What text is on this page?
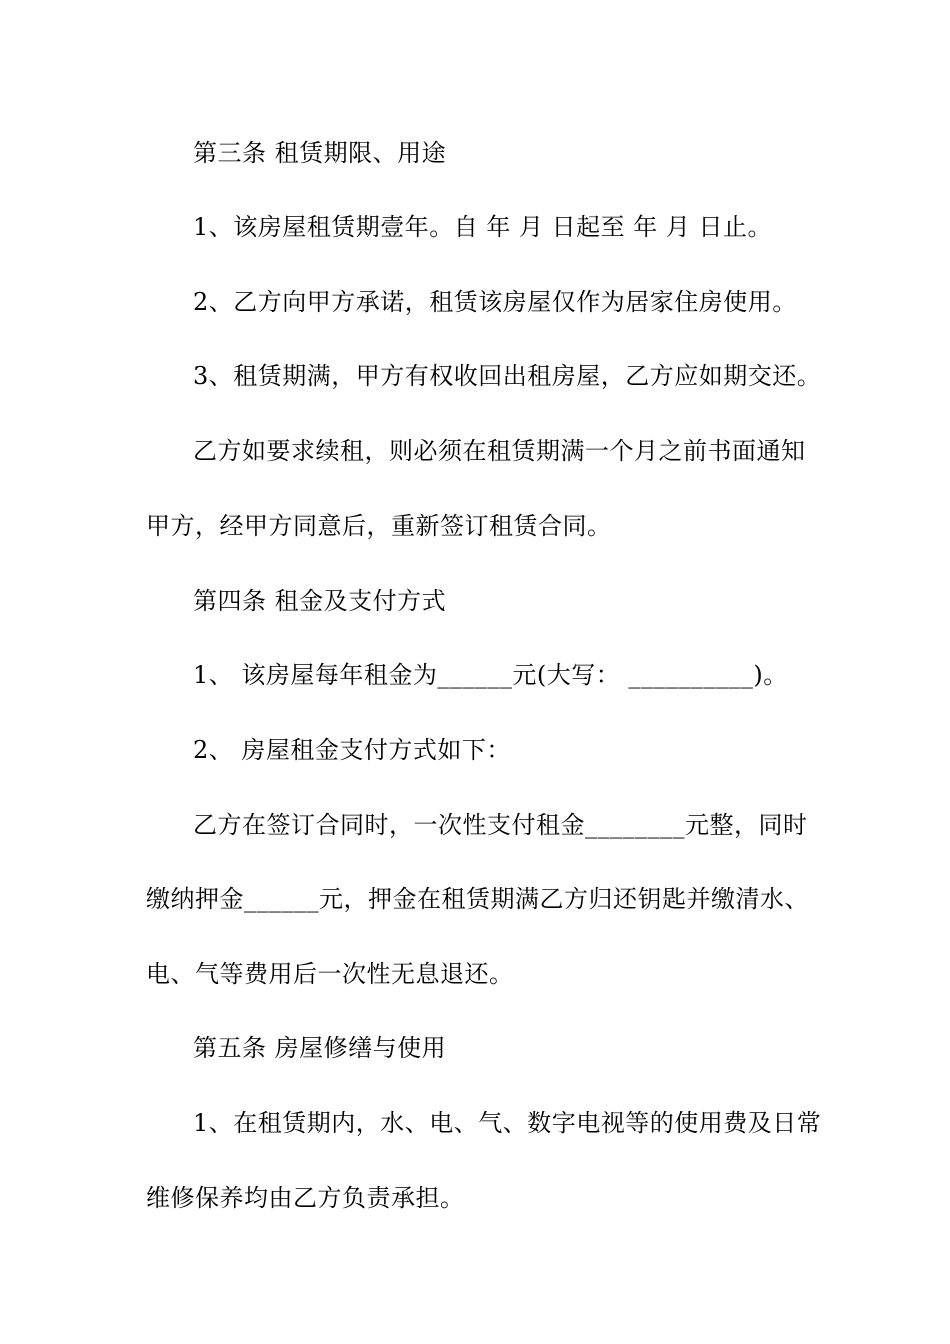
第三条 租赁期限、用途
1、该房屋租赁期壹年。自 年 月 日起至 年 月 日止。
2、乙方向甲方承诺，租赁该房屋仅作为居家住房使用。
3、租赁期满，甲方有权收回出租房屋，乙方应如期交还。
乙方如要求续租，则必须在租赁期满一个月之前书面通知
甲方，经甲方同意后，重新签订租赁合同。
第四条 租金及支付方式
1、 该房屋每年租金为______元(大写： __________)。
2、 房屋租金支付方式如下：
乙方在签订合同时，一次性支付租金________元整，同时
缴纳押金______元，押金在租赁期满乙方归还钥匙并缴清水、
电、气等费用后一次性无息退还。
第五条 房屋修缮与使用
1、在租赁期内，水、电、气、数字电视等的使用费及日常
维修保养均由乙方负责承担。
